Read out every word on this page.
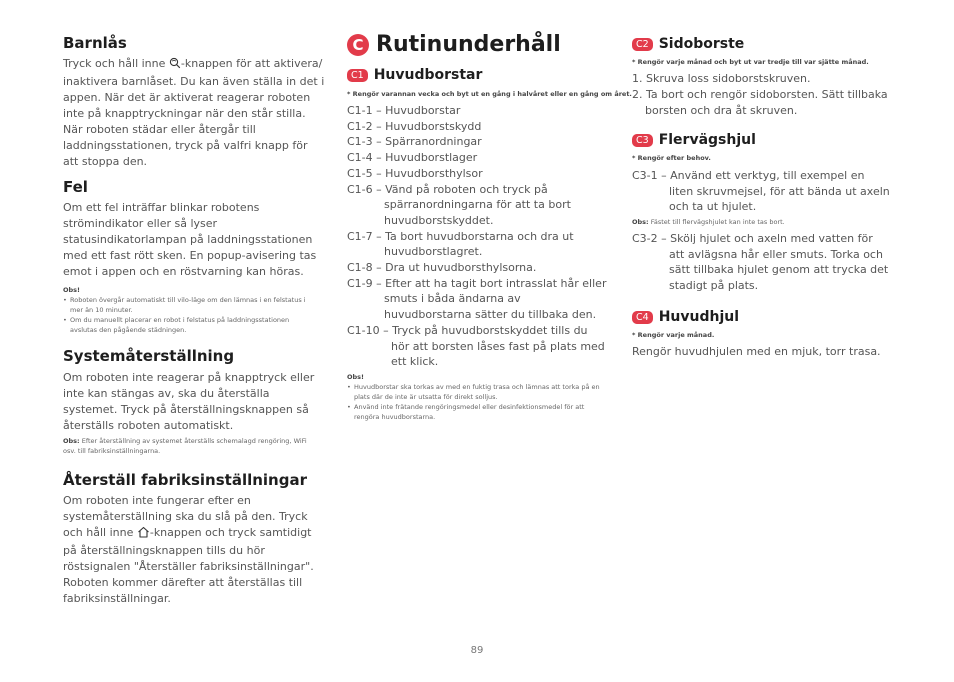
Barnlås
Tryck och håll inne -knappen för att aktivera/ inaktivera barnlåset. Du kan även ställa in det i appen. När det är aktiverat reagerar roboten inte på knapptryckningar när den står stilla. När roboten städar eller återgår till laddningsstationen, tryck på valfri knapp för att stoppa den.
Fel
Om ett fel inträffar blinkar robotens strömindikator eller så lyser statusindikatorlampan på laddningsstationen med ett fast rött sken. En popup-avisering tas emot i appen och en röstvarning kan höras.
Obs!
• Roboten övergår automatiskt till vilo-läge om den lämnas i en felstatus i mer än 10 minuter.
• Om du manuellt placerar en robot i felstatus på laddningsstationen avslutas den pågående städningen.
Systemåterställning
Om roboten inte reagerar på knapptryck eller inte kan stängas av, ska du återställa systemet. Tryck på återställningsknappen så återställs roboten automatiskt.
Obs: Efter återställning av systemet återställs schemalagd rengöring, WiFi osv. till fabriksinställningarna.
Återställ fabriksinställningar
Om roboten inte fungerar efter en systemåterställning ska du slå på den. Tryck och håll inne -knappen och tryck samtidigt på återställningsknappen tills du hör röstsignalen "Återställer fabriksinställningar". Roboten kommer därefter att återställas till fabriksinställningar.
C Rutinunderhåll
C1 Huvudborstar
* Rengör varannan vecka och byt ut en gång i halvåret eller en gång om året.
C1-1 – Huvudborstar
C1-2 – Huvudborstskydd
C1-3 – Spärranordningar
C1-4 – Huvudborstlager
C1-5 – Huvudborsthylsor
C1-6 – Vänd på roboten och tryck på spärranordningarna för att ta bort huvudborstskyddet.
C1-7 – Ta bort huvudborstarna och dra ut huvudborstlagret.
C1-8 – Dra ut huvudborsthylsorna.
C1-9 – Efter att ha tagit bort intrasslat hår eller smuts i båda ändarna av huvudborstarna sätter du tillbaka den.
C1-10 – Tryck på huvudborstskyddet tills du hör att borsten låses fast på plats med ett klick.
Obs!
• Huvudborstar ska torkas av med en fuktig trasa och lämnas att torka på en plats där de inte är utsatta för direkt solljus.
• Använd inte frätande rengöringsmedel eller desinfektionsmedel för att rengöra huvudborstarna.
C2 Sidoborste
* Rengör varje månad och byt ut var tredje till var sjätte månad.
1. Skruva loss sidoborstskruven.
2. Ta bort och rengör sidoborsten. Sätt tillbaka borsten och dra åt skruven.
C3 Flervägshjul
* Rengör efter behov.
C3-1 – Använd ett verktyg, till exempel en liten skruvmejsel, för att bända ut axeln och ta ut hjulet.
Obs: Fästet till flervägshjulet kan inte tas bort.
C3-2 – Skölj hjulet och axeln med vatten för att avlägsna hår eller smuts. Torka och sätt tillbaka hjulet genom att trycka det stadigt på plats.
C4 Huvudhjul
* Rengör varje månad.
Rengör huvudhjulen med en mjuk, torr trasa.
89
